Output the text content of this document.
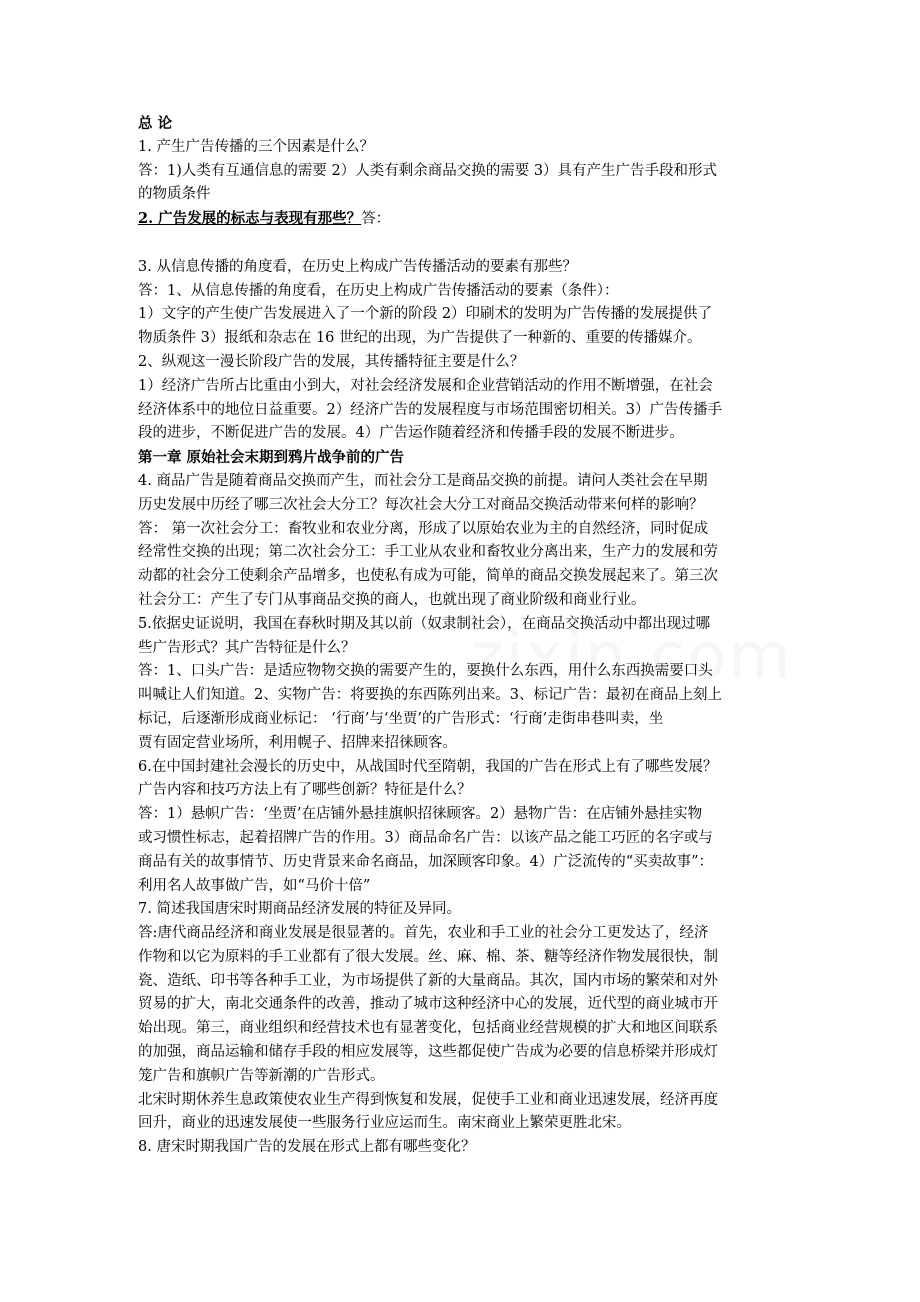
总 论
1. 产生广告传播的三个因素是什么？
答：1)人类有互通信息的需要 2）人类有剩余商品交换的需要 3）具有产生广告手段和形式
的物质条件
2. 广告发展的标志与表现有那些？答：
3. 从信息传播的角度看，在历史上构成广告传播活动的要素有那些？
答：1、从信息传播的角度看，在历史上构成广告传播活动的要素（条件）：
1）文字的产生使广告发展进入了一个新的阶段 2）印刷术的发明为广告传播的发展提供了
物质条件 3）报纸和杂志在 16 世纪的出现，为广告提供了一种新的、重要的传播媒介。
2、纵观这一漫长阶段广告的发展，其传播特征主要是什么？
1）经济广告所占比重由小到大，对社会经济发展和企业营销活动的作用不断增强，在社会
经济体系中的地位日益重要。2）经济广告的发展程度与市场范围密切相关。3）广告传播手
段的进步，不断促进广告的发展。4）广告运作随着经济和传播手段的发展不断进步。
第一章 原始社会末期到鸦片战争前的广告
4. 商品广告是随着商品交换而产生，而社会分工是商品交换的前提。请问人类社会在早期
历史发展中历经了哪三次社会大分工？每次社会大分工对商品交换活动带来何样的影响？
答： 第一次社会分工：畜牧业和农业分离，形成了以原始农业为主的自然经济，同时促成
经常性交换的出现；第二次社会分工：手工业从农业和畜牧业分离出来，生产力的发展和劳
动都的社会分工使剩余产品增多，也使私有成为可能，简单的商品交换发展起来了。第三次
社会分工：产生了专门从事商品交换的商人，也就出现了商业阶级和商业行业。
5.依据史证说明，我国在春秋时期及其以前（奴隶制社会），在商品交换活动中都出现过哪
些广告形式？其广告特征是什么？
答：1、口头广告：是适应物物交换的需要产生的，要换什么东西，用什么东西换需要口头
叫喊让人们知道。2、实物广告：将要换的东西陈列出来。3、标记广告：最初在商品上刻上
标记，后逐渐形成商业标记： ‘行商’与‘坐贾’的广告形式：‘行商’走街串巷叫卖，坐
贾有固定营业场所，利用幌子、招牌来招徕顾客。
6.在中国封建社会漫长的历史中，从战国时代至隋朝，我国的广告在形式上有了哪些发展？
广告内容和技巧方法上有了哪些创新？特征是什么？
答：1）悬帜广告：‘坐贾’在店铺外悬挂旗帜招徕顾客。2）悬物广告：在店铺外悬挂实物
或习惯性标志，起着招牌广告的作用。3）商品命名广告：以该产品之能工巧匠的名字或与
商品有关的故事情节、历史背景来命名商品，加深顾客印象。4）广泛流传的“买卖故事”：
利用名人故事做广告，如“马价十倍”
7. 简述我国唐宋时期商品经济发展的特征及异同。
答:唐代商品经济和商业发展是很显著的。首先，农业和手工业的社会分工更发达了，经济
作物和以它为原料的手工业都有了很大发展。丝、麻、棉、茶、糖等经济作物发展很快，制
瓷、造纸、印书等各种手工业，为市场提供了新的大量商品。其次，国内市场的繁荣和对外
贸易的扩大，南北交通条件的改善，推动了城市这种经济中心的发展，近代型的商业城市开
始出现。第三，商业组织和经营技术也有显著变化，包括商业经营规模的扩大和地区间联系
的加强，商品运输和储存手段的相应发展等，这些都促使广告成为必要的信息桥梁并形成灯
笼广告和旗帜广告等新潮的广告形式。
北宋时期休养生息政策使农业生产得到恢复和发展，促使手工业和商业迅速发展，经济再度
回升，商业的迅速发展使一些服务行业应运而生。南宋商业上繁荣更胜北宋。
8. 唐宋时期我国广告的发展在形式上都有哪些变化？
